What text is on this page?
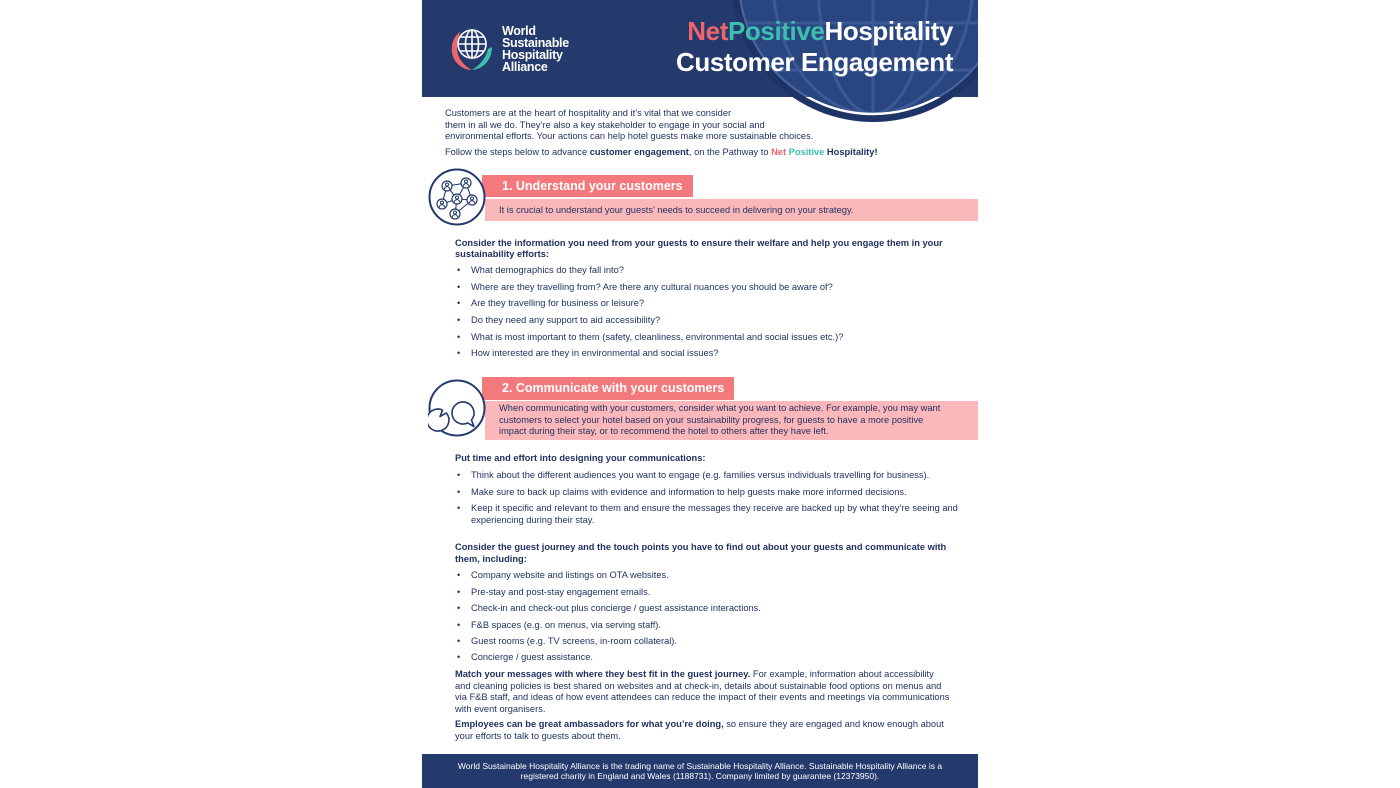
World
Sustainable
Hospitality
Alliance
NetPositiveHospitality
Customer Engagement
Customers are at the heart of hospitality and it’s vital that we consider
them in all we do. They’re also a key stakeholder to engage in your social and
environmental efforts. Your actions can help hotel guests make more sustainable choices.
Follow the steps below to advance customer engagement, on the Pathway to Net Positive Hospitality!
1. Understand your customers
It is crucial to understand your guests’ needs to succeed in delivering on your strategy.
Consider the information you need from your guests to ensure their welfare and help you engage them in your sustainability efforts:
• What demographics do they fall into?
• Where are they travelling from? Are there any cultural nuances you should be aware of?
• Are they travelling for business or leisure?
• Do they need any support to aid accessibility?
• What is most important to them (safety, cleanliness, environmental and social issues etc.)?
• How interested are they in environmental and social issues?
2. Communicate with your customers
When communicating with your customers, consider what you want to achieve. For example, you may want customers to select your hotel based on your sustainability progress, for guests to have a more positive impact during their stay, or to recommend the hotel to others after they have left.
Put time and effort into designing your communications:
• Think about the different audiences you want to engage (e.g. families versus individuals travelling for business).
• Make sure to back up claims with evidence and information to help guests make more informed decisions.
• Keep it specific and relevant to them and ensure the messages they receive are backed up by what they’re seeing and experiencing during their stay.
Consider the guest journey and the touch points you have to find out about your guests and communicate with them, including:
• Company website and listings on OTA websites.
• Pre-stay and post-stay engagement emails.
• Check-in and check-out plus concierge / guest assistance interactions.
• F&B spaces (e.g. on menus, via serving staff).
• Guest rooms (e.g. TV screens, in-room collateral).
• Concierge / guest assistance.
Match your messages with where they best fit in the guest journey. For example, information about accessibility and cleaning policies is best shared on websites and at check-in, details about sustainable food options on menus and via F&B staff, and ideas of how event attendees can reduce the impact of their events and meetings via communications with event organisers.
Employees can be great ambassadors for what you’re doing, so ensure they are engaged and know enough about your efforts to talk to guests about them.
World Sustainable Hospitality Alliance is the trading name of Sustainable Hospitality Alliance. Sustainable Hospitality Alliance is a registered charity in England and Wales (1188731). Company limited by guarantee (12373950).
